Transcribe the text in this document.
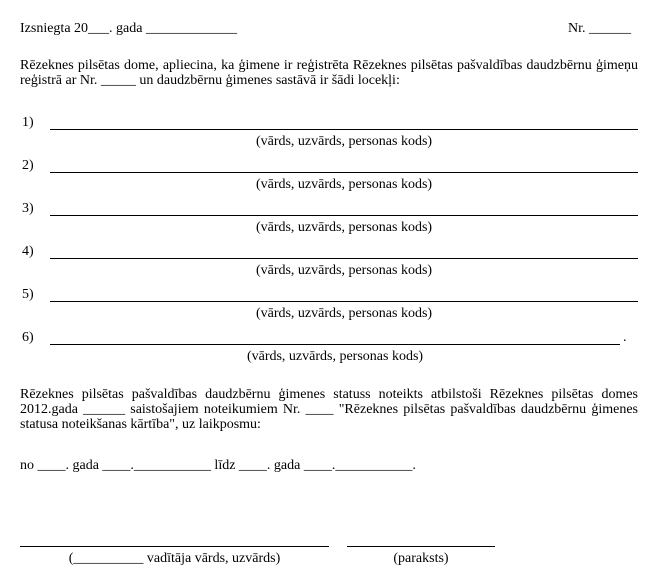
Izsniegta 20___. gada _____________	Nr. ______
Rēzeknes pilsētas dome, apliecina, ka ģimene ir reģistrēta Rēzeknes pilsētas pašvaldības daudzbērnu ģimeņu reģistrā ar Nr. _____ un daudzbērnu ģimenes sastāvā ir šādi locekļi:
1)
(vārds, uzvārds, personas kods)
2)
(vārds, uzvārds, personas kods)
3)
(vārds, uzvārds, personas kods)
4)
(vārds, uzvārds, personas kods)
5)
(vārds, uzvārds, personas kods)
6)	.
(vārds, uzvārds, personas kods)
Rēzeknes pilsētas pašvaldības daudzbērnu ģimenes statuss noteikts atbilstoši Rēzeknes pilsētas domes 2012.gada ______ saistošajiem noteikumiem Nr. ____ "Rēzeknes pilsētas pašvaldības daudzbērnu ģimenes statusa noteikšanas kārtība", uz laikposmu:
no ____. gada ____.___________ līdz ____. gada ____.___________.
(__________ vadītāja vārds, uzvārds)	(paraksts)
